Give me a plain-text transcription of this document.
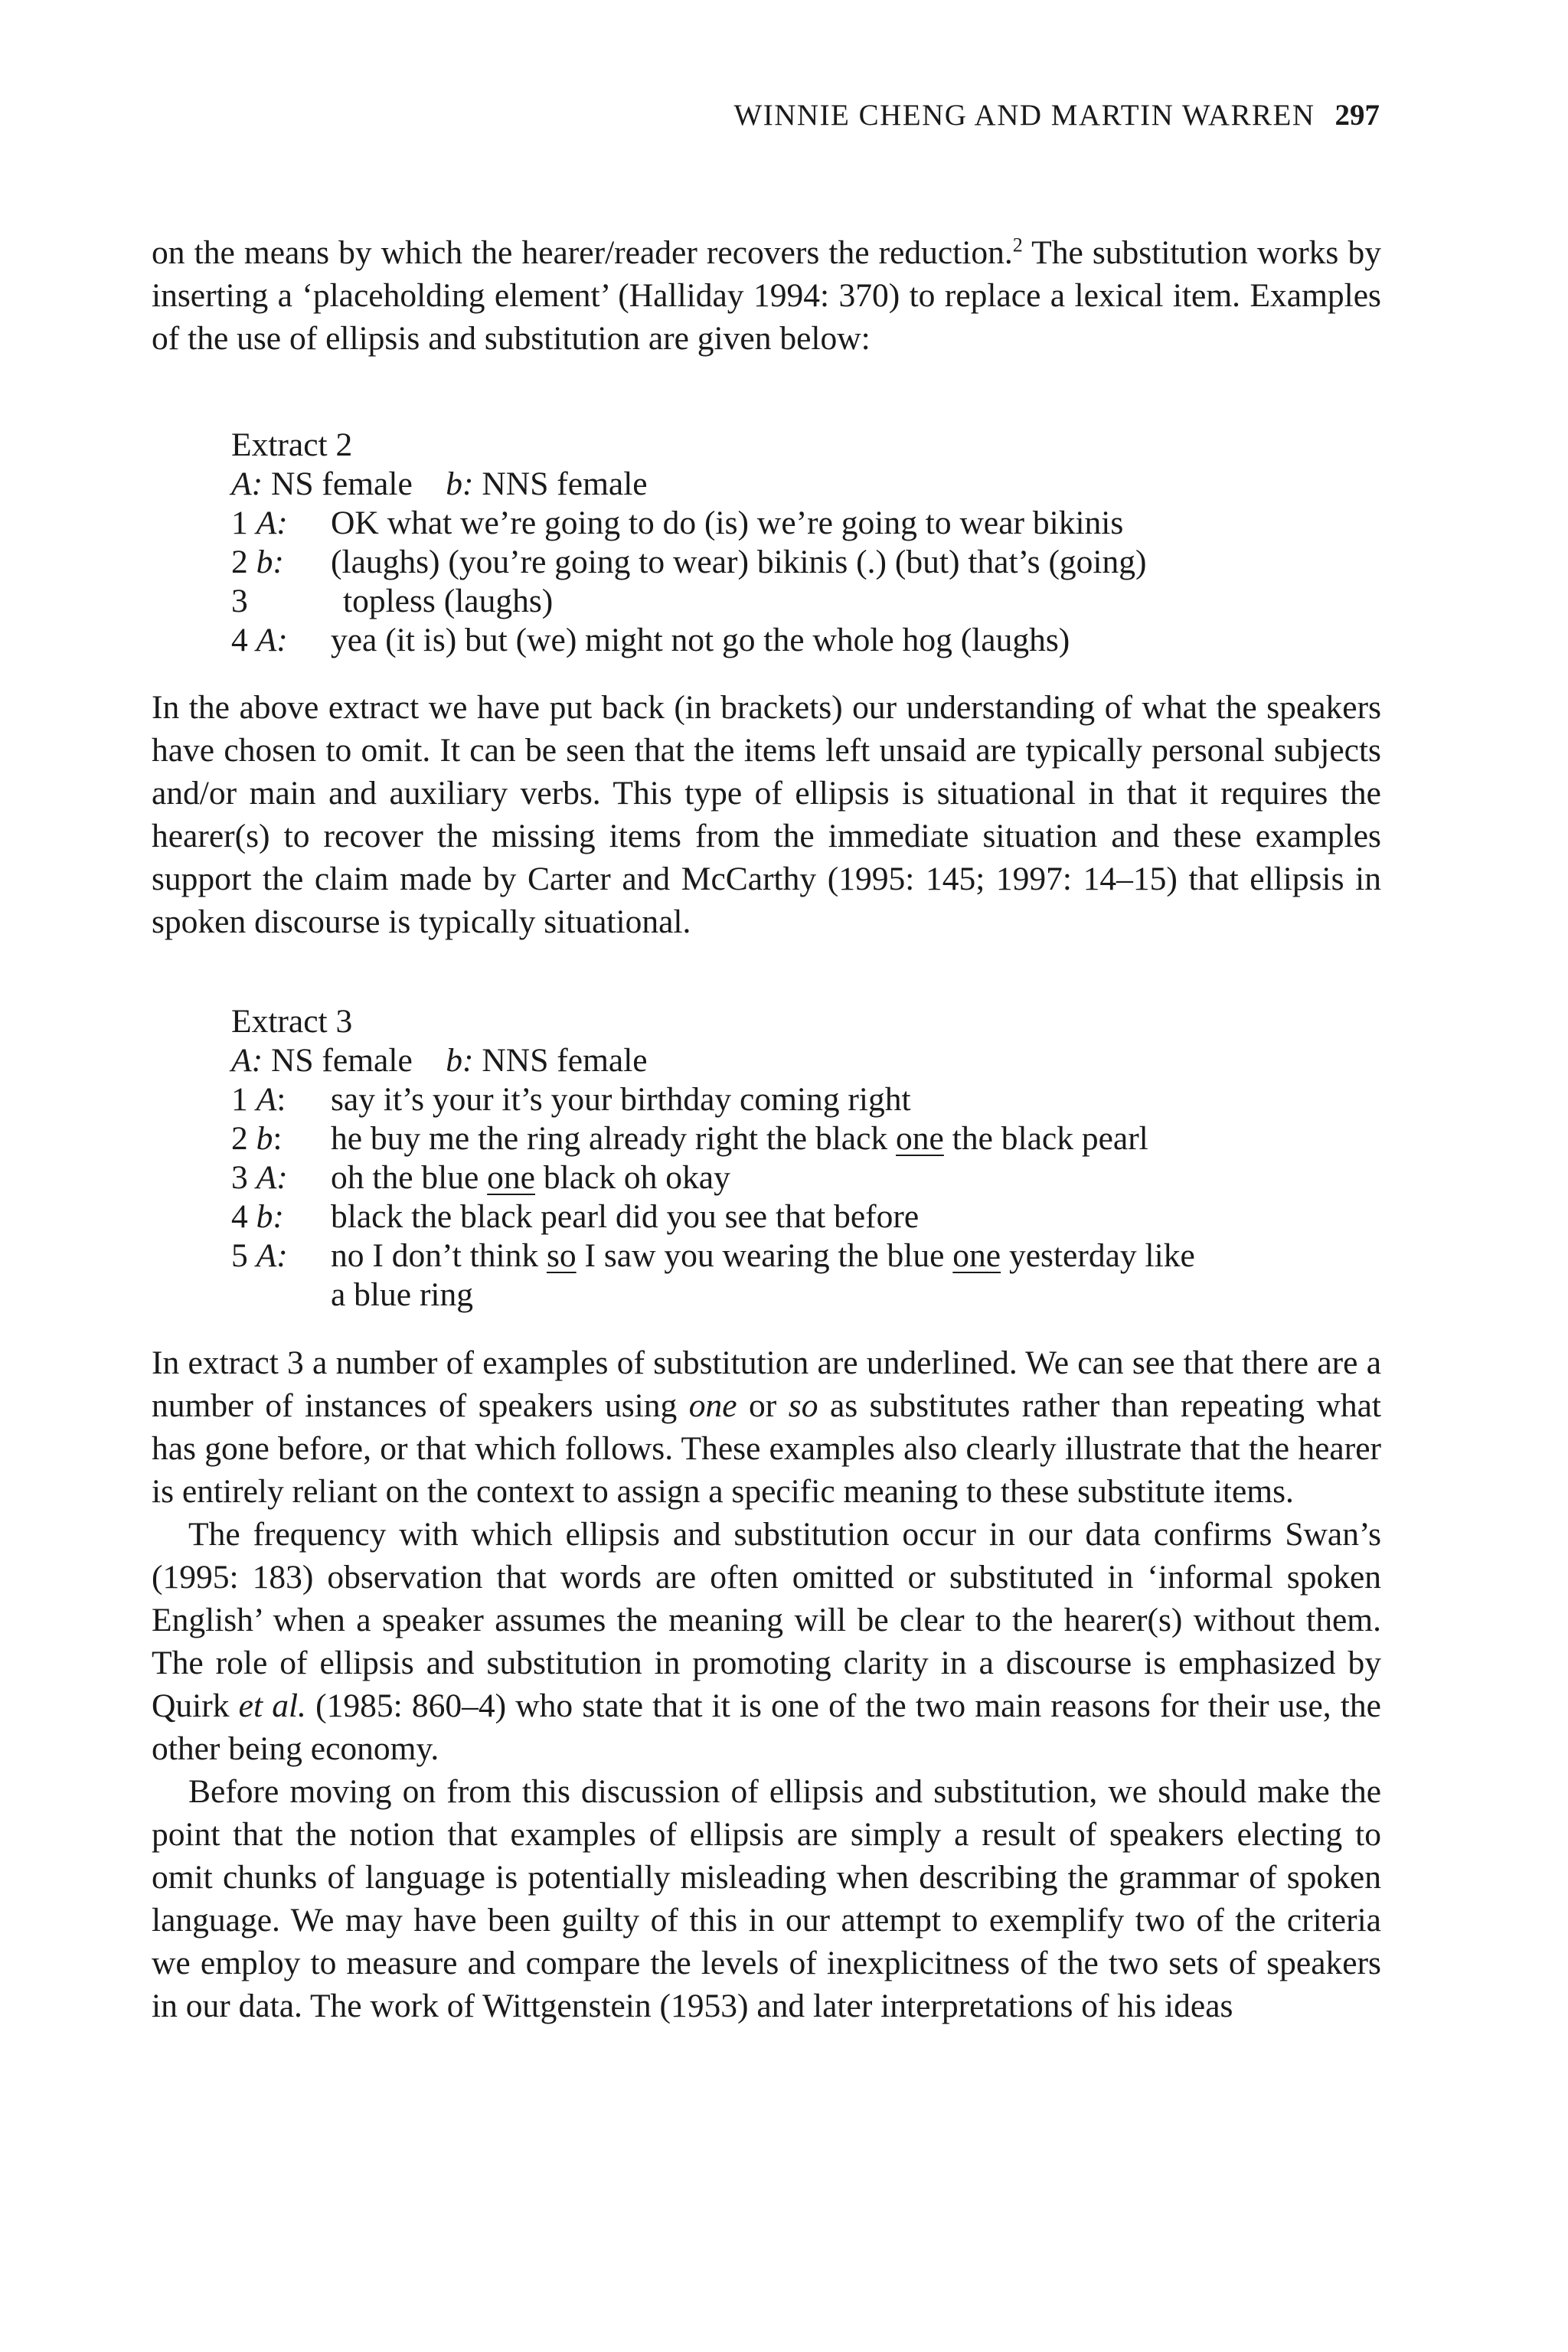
WINNIE CHENG AND MARTIN WARREN 297

on the means by which the hearer/reader recovers the reduction.$^2$ The substitution works by inserting a ‘placeholding element’ (Halliday 1994: 370) to replace a lexical item. Examples of the use of ellipsis and substitution are given below:

Extract 2
A: NS female b: NNS female
1 A: OK what we’re going to do (is) we’re going to wear bikinis
2 b: (laughs) (you’re going to wear) bikinis (.) (but) that’s (going)
3	topless (laughs)
4 A: yea (it is) but (we) might not go the whole hog (laughs)

In the above extract we have put back (in brackets) our understanding of what the speakers have chosen to omit. It can be seen that the items left unsaid are typically personal subjects and/or main and auxiliary verbs. This type of ellipsis is situational in that it requires the hearer(s) to recover the missing items from the immediate situation and these examples support the claim made by Carter and McCarthy (1995: 145; 1997: 14–15) that ellipsis in spoken discourse is typically situational.

Extract 3
A: NS female b: NNS female
1 A: say it’s your it’s your birthday coming right
2 b: he buy me the ring already right the black one the black pearl
3 A: oh the blue one black oh okay
4 b: black the black pearl did you see that before
5 A: no I don’t think so I saw you wearing the blue one yesterday like
a blue ring

In extract 3 a number of examples of substitution are underlined. We can see that there are a number of instances of speakers using one or so as substitutes rather than repeating what has gone before, or that which follows. These examples also clearly illustrate that the hearer is entirely reliant on the context to assign a specific meaning to these substitute items.

The frequency with which ellipsis and substitution occur in our data confirms Swan’s (1995: 183) observation that words are often omitted or substituted in ‘informal spoken English’ when a speaker assumes the meaning will be clear to the hearer(s) without them. The role of ellipsis and substitution in promoting clarity in a discourse is emphasized by Quirk et al. (1985: 860–4) who state that it is one of the two main reasons for their use, the other being economy.

Before moving on from this discussion of ellipsis and substitution, we should make the point that the notion that examples of ellipsis are simply a result of speakers electing to omit chunks of language is potentially misleading when describing the grammar of spoken language. We may have been guilty of this in our attempt to exemplify two of the criteria we employ to measure and compare the levels of inexplicitness of the two sets of speakers in our data. The work of Wittgenstein (1953) and later interpretations of his ideas
